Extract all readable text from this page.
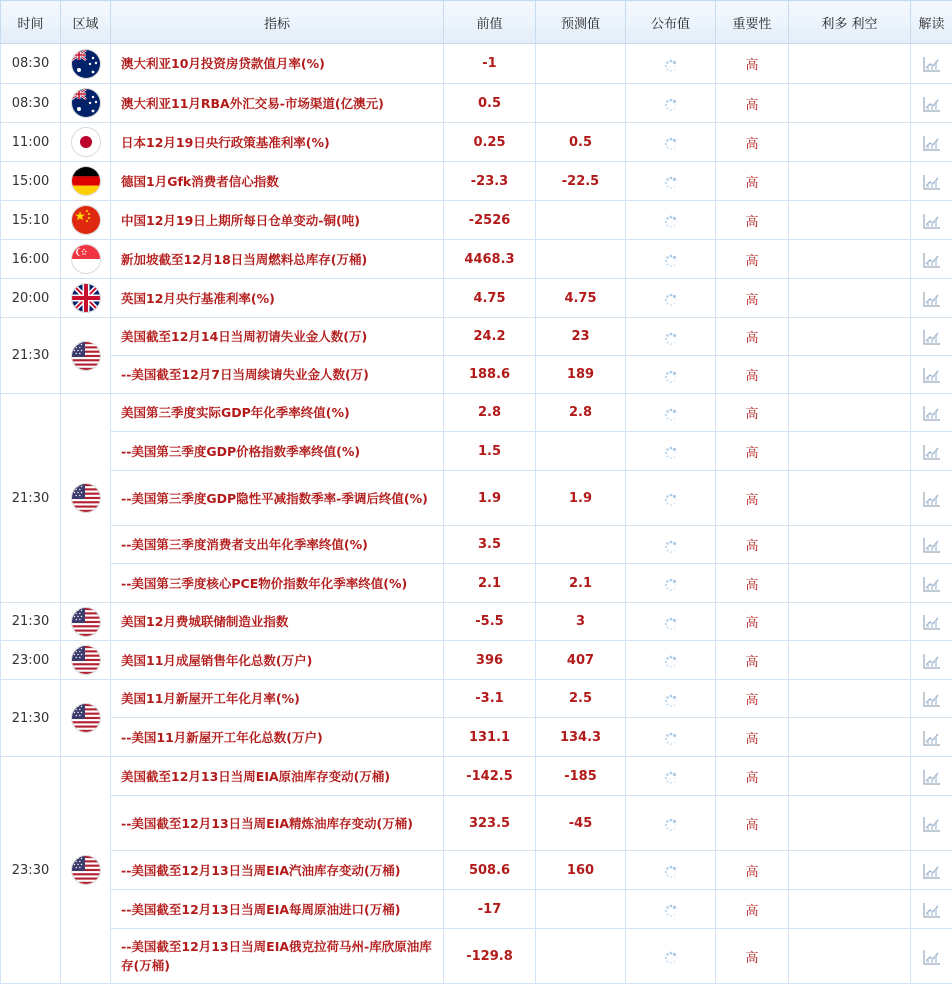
时间	区域	指标	前值	预测值	公布值	重要性	利多 利空	解读
08:30		澳大利亚10月投资房贷款值月率(%)	-1			高		
08:30		澳大利亚11月RBA外汇交易-市场渠道(亿澳元)	0.5			高		
11:00		日本12月19日央行政策基准利率(%)	0.25	0.5		高		
15:00		德国1月Gfk消费者信心指数	-23.3	-22.5		高		
15:10		中国12月19日上期所每日仓单变动-铜(吨)	-2526			高		
16:00		新加坡截至12月18日当周燃料总库存(万桶)	4468.3			高		
20:00		英国12月央行基准利率(%)	4.75	4.75		高		
21:30		美国截至12月14日当周初请失业金人数(万)	24.2	23		高		
		--美国截至12月7日当周续请失业金人数(万)	188.6	189		高		
21:30		美国第三季度实际GDP年化季率终值(%)	2.8	2.8		高		
		--美国第三季度GDP价格指数季率终值(%)	1.5			高		
		--美国第三季度GDP隐性平减指数季率-季调后终值(%)	1.9	1.9		高		
		--美国第三季度消费者支出年化季率终值(%)	3.5			高		
		--美国第三季度核心PCE物价指数年化季率终值(%)	2.1	2.1		高		
21:30		美国12月费城联储制造业指数	-5.5	3		高		
23:00		美国11月成屋销售年化总数(万户)	396	407		高		
21:30		美国11月新屋开工年化月率(%)	-3.1	2.5		高		
		--美国11月新屋开工年化总数(万户)	131.1	134.3		高		
23:30		美国截至12月13日当周EIA原油库存变动(万桶)	-142.5	-185		高		
		--美国截至12月13日当周EIA精炼油库存变动(万桶)	323.5	-45		高		
		--美国截至12月13日当周EIA汽油库存变动(万桶)	508.6	160		高		
		--美国截至12月13日当周EIA每周原油进口(万桶)	-17			高		
		--美国截至12月13日当周EIA俄克拉荷马州-库欣原油库存(万桶)	-129.8			高		
